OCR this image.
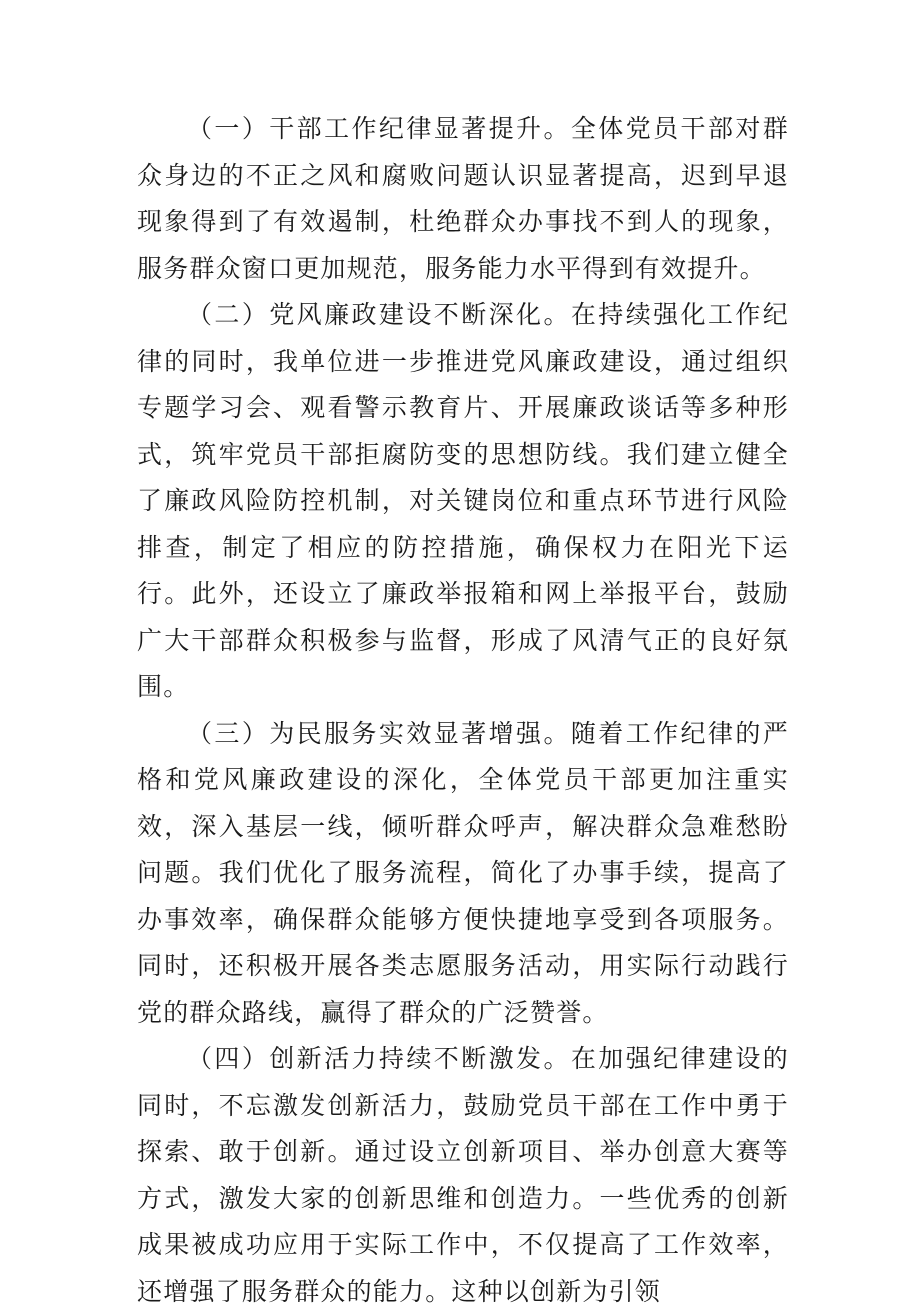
（一）干部工作纪律显著提升。全体党员干部对群众身边的不正之风和腐败问题认识显著提高，迟到早退现象得到了有效遏制，杜绝群众办事找不到人的现象，服务群众窗口更加规范，服务能力水平得到有效提升。

（二）党风廉政建设不断深化。在持续强化工作纪律的同时，我单位进一步推进党风廉政建设，通过组织专题学习会、观看警示教育片、开展廉政谈话等多种形式，筑牢党员干部拒腐防变的思想防线。我们建立健全了廉政风险防控机制，对关键岗位和重点环节进行风险排查，制定了相应的防控措施，确保权力在阳光下运行。此外，还设立了廉政举报箱和网上举报平台，鼓励广大干部群众积极参与监督，形成了风清气正的良好氛围。

（三）为民服务实效显著增强。随着工作纪律的严格和党风廉政建设的深化，全体党员干部更加注重实效，深入基层一线，倾听群众呼声，解决群众急难愁盼问题。我们优化了服务流程，简化了办事手续，提高了办事效率，确保群众能够方便快捷地享受到各项服务。同时，还积极开展各类志愿服务活动，用实际行动践行党的群众路线，赢得了群众的广泛赞誉。

（四）创新活力持续不断激发。在加强纪律建设的同时，不忘激发创新活力，鼓励党员干部在工作中勇于探索、敢于创新。通过设立创新项目、举办创意大赛等方式，激发大家的创新思维和创造力。一些优秀的创新成果被成功应用于实际工作中，不仅提高了工作效率，还增强了服务群众的能力。这种以创新为引领
